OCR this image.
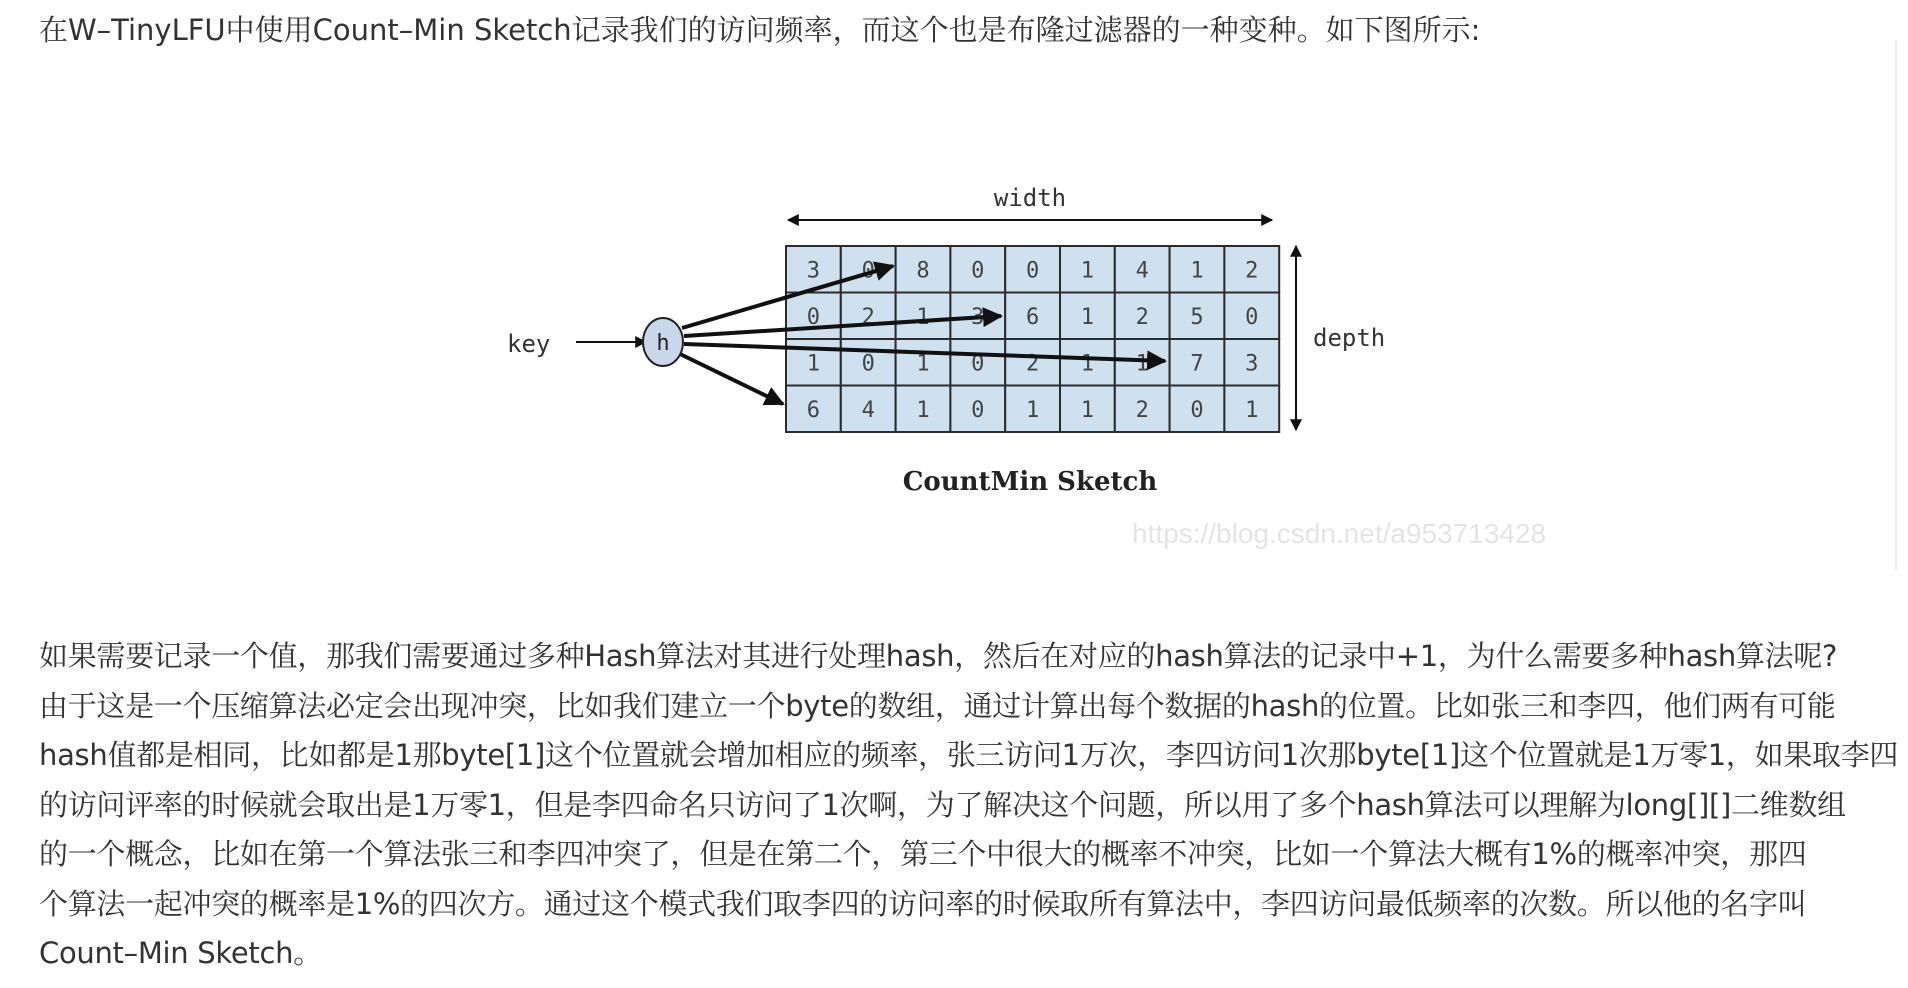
在W–TinyLFU中使用Count–Min Sketch记录我们的访问频率，而这个也是布隆过滤器的一种变种。如下图所示:

3 0 8 0 0 1 4 1 2
0 2 1 3 6 1 2 5 0
1 0 1 0 2 1 1 7 3
6 4 1 0 1 1 2 0 1
width
depth
key	h
CountMin Sketch
https://blog.csdn.net/a953713428
如果需要记录一个值，那我们需要通过多种Hash算法对其进行处理hash，然后在对应的hash算法的记录中+1，为什么需要多种hash算法呢?
由于这是一个压缩算法必定会出现冲突，比如我们建立一个byte的数组，通过计算出每个数据的hash的位置。比如张三和李四，他们两有可能
hash值都是相同，比如都是1那byte[1]这个位置就会增加相应的频率，张三访问1万次，李四访问1次那byte[1]这个位置就是1万零1，如果取李四
的访问评率的时候就会取出是1万零1，但是李四命名只访问了1次啊，为了解决这个问题，所以用了多个hash算法可以理解为long[][]二维数组
的一个概念，比如在第一个算法张三和李四冲突了，但是在第二个，第三个中很大的概率不冲突，比如一个算法大概有1%的概率冲突，那四
个算法一起冲突的概率是1%的四次方。通过这个模式我们取李四的访问率的时候取所有算法中，李四访问最低频率的次数。所以他的名字叫
Count–Min Sketch。
